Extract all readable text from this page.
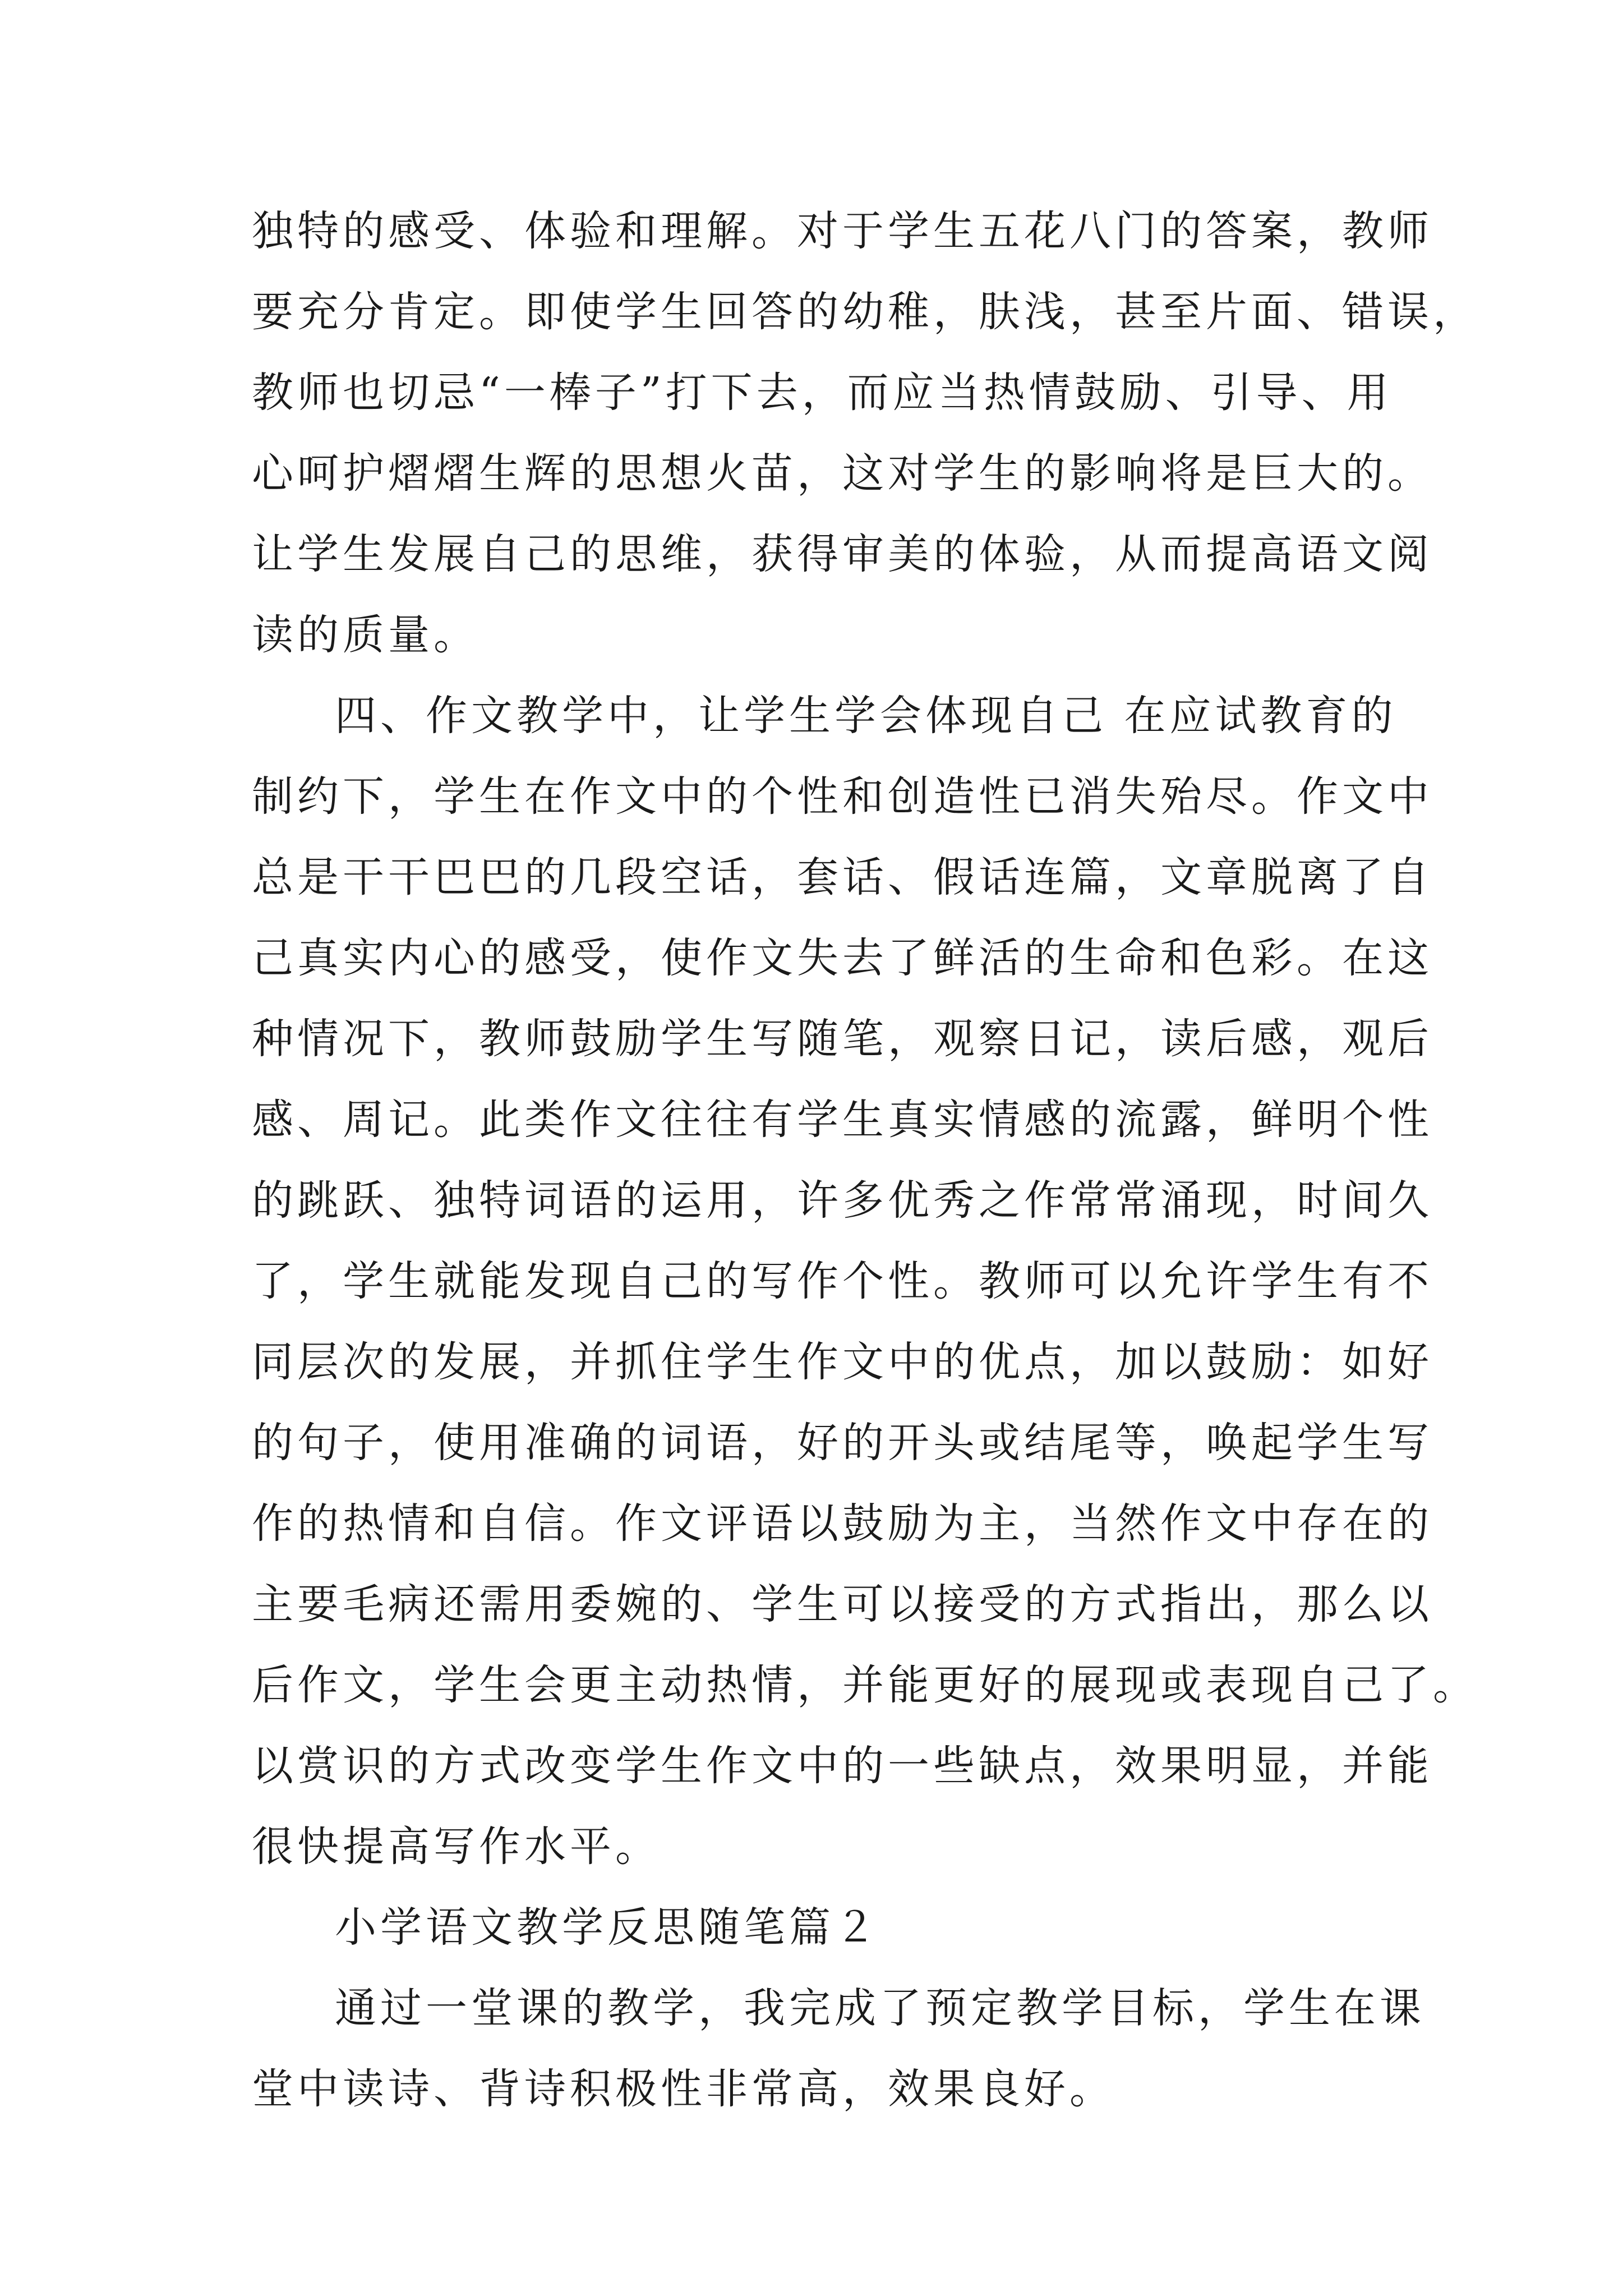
独特的感受、体验和理解。对于学生五花八门的答案，教师
要充分肯定。即使学生回答的幼稚，肤浅，甚至片面、错误，
教师也切忌“一棒子”打下去，而应当热情鼓励、引导、用
心呵护熠熠生辉的思想火苗，这对学生的影响将是巨大的。
让学生发展自己的思维，获得审美的体验，从而提高语文阅
读的质量。
四、作文教学中，让学生学会体现自己 在应试教育的
制约下，学生在作文中的个性和创造性已消失殆尽。作文中
总是干干巴巴的几段空话，套话、假话连篇，文章脱离了自
己真实内心的感受，使作文失去了鲜活的生命和色彩。在这
种情况下，教师鼓励学生写随笔，观察日记，读后感，观后
感、周记。此类作文往往有学生真实情感的流露，鲜明个性
的跳跃、独特词语的运用，许多优秀之作常常涌现，时间久
了，学生就能发现自己的写作个性。教师可以允许学生有不
同层次的发展，并抓住学生作文中的优点，加以鼓励：如好
的句子，使用准确的词语，好的开头或结尾等，唤起学生写
作的热情和自信。作文评语以鼓励为主，当然作文中存在的
主要毛病还需用委婉的、学生可以接受的方式指出，那么以
后作文，学生会更主动热情，并能更好的展现或表现自己了。
以赏识的方式改变学生作文中的一些缺点，效果明显，并能
很快提高写作水平。
小学语文教学反思随笔篇２
通过一堂课的教学，我完成了预定教学目标，学生在课
堂中读诗、背诗积极性非常高，效果良好。
